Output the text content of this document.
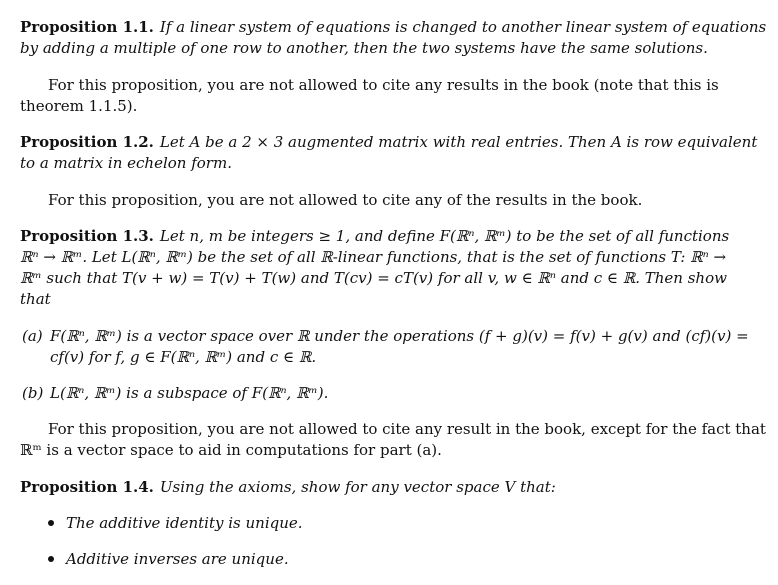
Proposition 1.1. If a linear system of equations is changed to another linear system of equations
by adding a multiple of one row to another, then the two systems have the same solutions.
For this proposition, you are not allowed to cite any results in the book (note that this is
theorem 1.1.5).
Proposition 1.2. Let A be a 2 × 3 augmented matrix with real entries. Then A is row equivalent
to a matrix in echelon form.
For this proposition, you are not allowed to cite any of the results in the book.
Proposition 1.3. Let n, m be integers ≥ 1, and define F(ℝⁿ, ℝᵐ) to be the set of all functions
ℝⁿ → ℝᵐ. Let L(ℝⁿ, ℝᵐ) be the set of all ℝ-linear functions, that is the set of functions T: ℝⁿ →
ℝᵐ such that T(v + w) = T(v) + T(w) and T(cv) = cT(v) for all v, w ∈ ℝⁿ and c ∈ ℝ. Then show
that
(a) F(ℝⁿ, ℝᵐ) is a vector space over ℝ under the operations (f + g)(v) = f(v) + g(v) and (cf)(v) =
cf(v) for f, g ∈ F(ℝⁿ, ℝᵐ) and c ∈ ℝ.
(b) L(ℝⁿ, ℝᵐ) is a subspace of F(ℝⁿ, ℝᵐ).
For this proposition, you are not allowed to cite any result in the book, except for the fact that
ℝᵐ is a vector space to aid in computations for part (a).
Proposition 1.4. Using the axioms, show for any vector space V that:
The additive identity is unique.
Additive inverses are unique.
